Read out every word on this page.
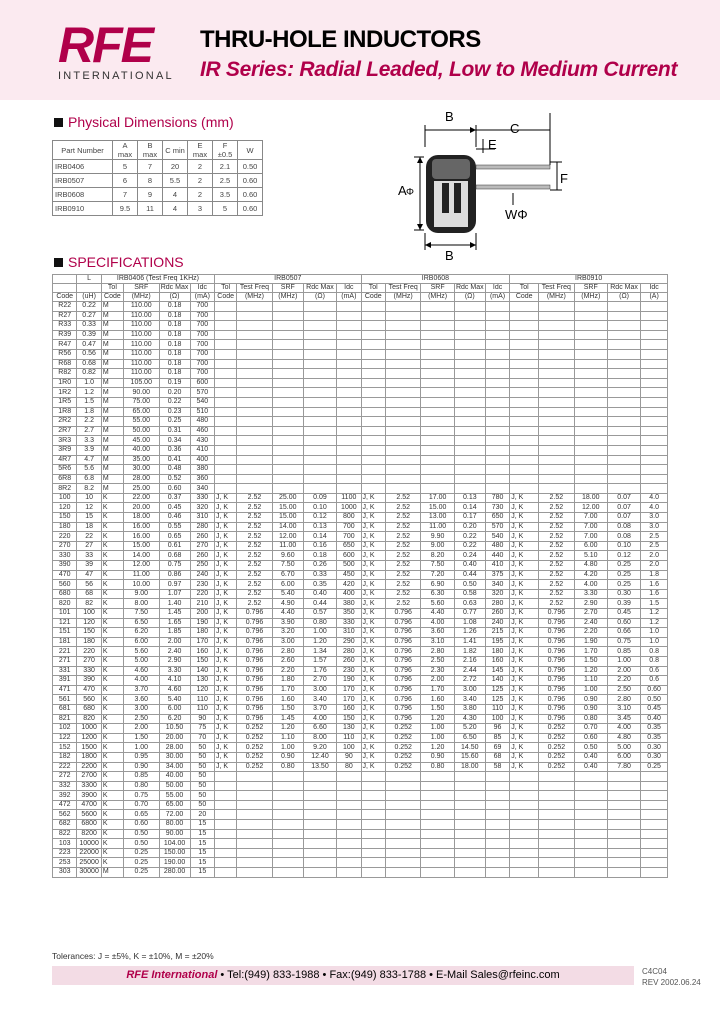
RFE
INTERNATIONAL
THRU-HOLE INDUCTORS
IR Series: Radial Leaded, Low to Medium Current
Physical Dimensions (mm)
Part Number	A max	B max	C min	E max	F ±0.5	W
IRB0406	5	7	20	2	2.1	0.50
IRB0507	6	8	5.5	2	2.5	0.60
IRB0608	7	9	4	2	3.5	0.60
IRB0910	9.5	11	4	3	5	0.60
B
C
E
A Φ
F
WΦ
B
SPECIFICATIONS
	L	IRB0406 (Test Freq 1KHz)				IRB0507					IRB0608					IRB0910				
		Tol	SRF	Rdc Max	Idc	Tol	Test Freq	SRF	Rdc Max	Idc	Tol	Test Freq	SRF	Rdc Max	Idc	Tol	Test Freq	SRF	Rdc Max	Idc
Code	(uH)	Code	(MHz)	(Ω)	(mA)	Code	(MHz)	(MHz)	(Ω)	(mA)	Code	(MHz)	(MHz)	(Ω)	(mA)	Code	(MHz)	(MHz)	(Ω)	(A)
R22	0.22	M	110.00	0.18	700															
R27	0.27	M	110.00	0.18	700															
R33	0.33	M	110.00	0.18	700															
R39	0.39	M	110.00	0.18	700															
R47	0.47	M	110.00	0.18	700															
R56	0.56	M	110.00	0.18	700															
R68	0.68	M	110.00	0.18	700															
R82	0.82	M	110.00	0.18	700															
1R0	1.0	M	105.00	0.19	600															
1R2	1.2	M	90.00	0.20	570															
1R5	1.5	M	75.00	0.22	540															
1R8	1.8	M	65.00	0.23	510															
2R2	2.2	M	55.00	0.25	480															
2R7	2.7	M	50.00	0.31	460															
3R3	3.3	M	45.00	0.34	430															
3R9	3.9	M	40.00	0.36	410															
4R7	4.7	M	35.00	0.41	400															
5R6	5.6	M	30.00	0.48	380															
6R8	6.8	M	28.00	0.52	360															
8R2	8.2	M	25.00	0.60	340															
100	10	K	22.00	0.37	330	J, K	2.52	25.00	0.09	1100	J, K	2.52	17.00	0.13	780	J, K	2.52	18.00	0.07	4.0
120	12	K	20.00	0.45	320	J, K	2.52	15.00	0.10	1000	J, K	2.52	15.00	0.14	730	J, K	2.52	12.00	0.07	4.0
150	15	K	18.00	0.46	310	J, K	2.52	15.00	0.12	800	J, K	2.52	13.00	0.17	650	J, K	2.52	7.00	0.07	3.0
180	18	K	16.00	0.55	280	J, K	2.52	14.00	0.13	700	J, K	2.52	11.00	0.20	570	J, K	2.52	7.00	0.08	3.0
220	22	K	16.00	0.65	260	J, K	2.52	12.00	0.14	700	J, K	2.52	9.90	0.22	540	J, K	2.52	7.00	0.08	2.5
270	27	K	15.00	0.61	270	J, K	2.52	11.00	0.16	650	J, K	2.52	9.00	0.22	480	J, K	2.52	6.00	0.10	2.5
330	33	K	14.00	0.68	260	J, K	2.52	9.60	0.18	600	J, K	2.52	8.20	0.24	440	J, K	2.52	5.10	0.12	2.0
390	39	K	12.00	0.75	250	J, K	2.52	7.50	0.26	500	J, K	2.52	7.50	0.40	410	J, K	2.52	4.80	0.25	2.0
470	47	K	11.00	0.86	240	J, K	2.52	6.70	0.33	450	J, K	2.52	7.20	0.44	375	J, K	2.52	4.20	0.25	1.8
560	56	K	10.00	0.97	230	J, K	2.52	6.00	0.35	420	J, K	2.52	6.90	0.50	340	J, K	2.52	4.00	0.25	1.6
680	68	K	9.00	1.07	220	J, K	2.52	5.40	0.40	400	J, K	2.52	6.30	0.58	320	J, K	2.52	3.30	0.30	1.6
820	82	K	8.00	1.40	210	J, K	2.52	4.90	0.44	380	J, K	2.52	5.60	0.63	280	J, K	2.52	2.90	0.39	1.5
101	100	K	7.50	1.45	200	J, K	0.796	4.40	0.57	350	J, K	0.796	4.40	0.77	260	J, K	0.796	2.70	0.45	1.2
121	120	K	6.50	1.65	190	J, K	0.796	3.90	0.80	330	J, K	0.796	4.00	1.08	240	J, K	0.796	2.40	0.60	1.2
151	150	K	6.20	1.85	180	J, K	0.796	3.20	1.00	310	J, K	0.796	3.60	1.26	215	J, K	0.796	2.20	0.66	1.0
181	180	K	6.00	2.00	170	J, K	0.796	3.00	1.20	290	J, K	0.796	3.10	1.41	195	J, K	0.796	1.90	0.75	1.0
221	220	K	5.60	2.40	160	J, K	0.796	2.80	1.34	280	J, K	0.796	2.80	1.82	180	J, K	0.796	1.70	0.85	0.8
271	270	K	5.00	2.90	150	J, K	0.796	2.60	1.57	260	J, K	0.796	2.50	2.16	160	J, K	0.796	1.50	1.00	0.8
331	330	K	4.60	3.30	140	J, K	0.796	2.20	1.76	230	J, K	0.796	2.30	2.44	145	J, K	0.796	1.20	2.00	0.6
391	390	K	4.00	4.10	130	J, K	0.796	1.80	2.70	190	J, K	0.796	2.00	2.72	140	J, K	0.796	1.10	2.20	0.6
471	470	K	3.70	4.60	120	J, K	0.796	1.70	3.00	170	J, K	0.796	1.70	3.00	125	J, K	0.796	1.00	2.50	0.60
561	560	K	3.60	5.40	110	J, K	0.796	1.60	3.40	170	J, K	0.796	1.60	3.40	125	J, K	0.796	0.90	2.80	0.50
681	680	K	3.00	6.00	110	J, K	0.796	1.50	3.70	160	J, K	0.796	1.50	3.80	110	J, K	0.796	0.90	3.10	0.45
821	820	K	2.50	6.20	90	J, K	0.796	1.45	4.00	150	J, K	0.796	1.20	4.30	100	J, K	0.796	0.80	3.45	0.40
102	1000	K	2.00	10.50	75	J, K	0.252	1.20	6.60	130	J, K	0.252	1.00	5.20	96	J, K	0.252	0.70	4.00	0.35
122	1200	K	1.50	20.00	70	J, K	0.252	1.10	8.00	110	J, K	0.252	1.00	6.50	85	J, K	0.252	0.60	4.80	0.35
152	1500	K	1.00	28.00	50	J, K	0.252	1.00	9.20	100	J, K	0.252	1.20	14.50	69	J, K	0.252	0.50	5.00	0.30
182	1800	K	0.95	30.00	50	J, K	0.252	0.90	12.40	90	J, K	0.252	0.90	15.60	68	J, K	0.252	0.40	6.00	0.30
222	2200	K	0.90	34.00	50	J, K	0.252	0.80	13.50	80	J, K	0.252	0.80	18.00	58	J, K	0.252	0.40	7.80	0.25
272	2700	K	0.85	40.00	50															
332	3300	K	0.80	50.00	50															
392	3900	K	0.75	55.00	50															
472	4700	K	0.70	65.00	50															
562	5600	K	0.65	72.00	20															
682	6800	K	0.60	80.00	15															
822	8200	K	0.50	90.00	15															
103	10000	K	0.50	104.00	15															
223	22000	K	0.25	150.00	15															
253	25000	K	0.25	190.00	15															
303	30000	M	0.25	280.00	15															
Tolerances: J = ±5%, K = ±10%, M = ±20%
RFE International • Tel:(949) 833-1988 • Fax:(949) 833-1788 • E-Mail Sales@rfeinc.com	C4C04
REV 2002.06.24
